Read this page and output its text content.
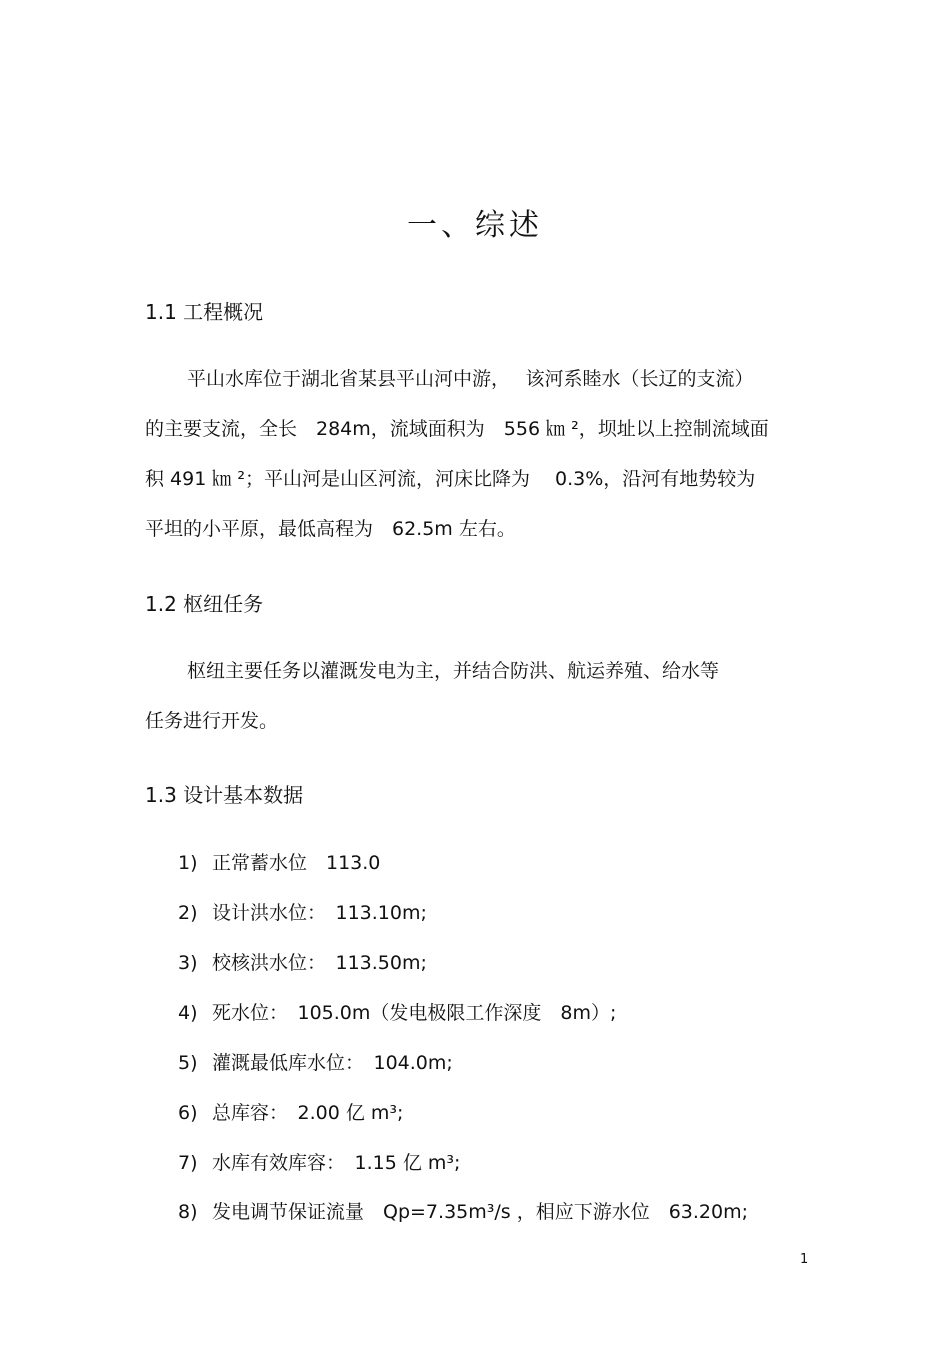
一、综述
1.1 工程概况
平山水库位于湖北省某县平山河中游，　 该河系睦水（长辽的支流）
的主要支流，全长　284m，流域面积为　556 ㎞ ²，坝址以上控制流域面
积 491 ㎞ ²；平山河是山区河流，河床比降为　 0.3%，沿河有地势较为
平坦的小平原，最低高程为　62.5m 左右。
1.2 枢纽任务
枢纽主要任务以灌溉发电为主，并结合防洪、航运养殖、给水等
任务进行开发。
1.3 设计基本数据
1) 正常蓄水位　113.0
2) 设计洪水位：　113.10m;
3) 校核洪水位：　113.50m;
4) 死水位：　105.0m（发电极限工作深度　8m）;
5) 灌溉最低库水位：　104.0m;
6) 总库容：　2.00 亿 m³;
7) 水库有效库容：　1.15 亿 m³;
8) 发电调节保证流量　Qp=7.35m³/s ，相应下游水位　63.20m;
1
